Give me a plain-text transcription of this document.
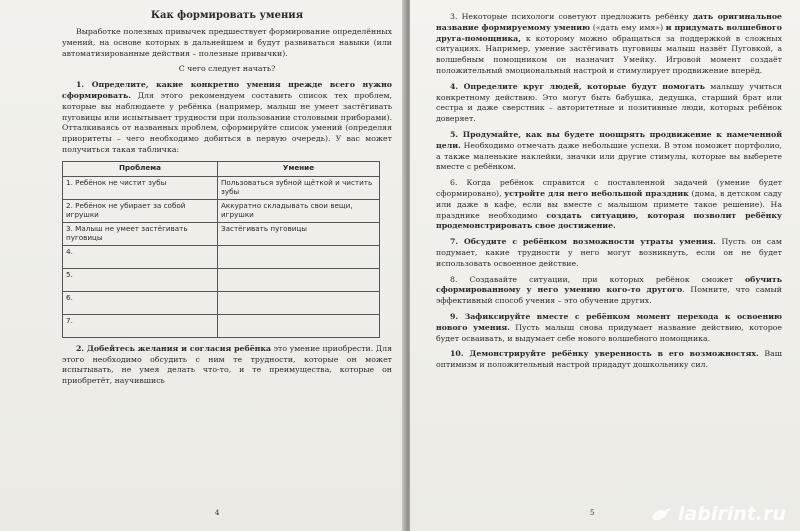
Как формировать умения

Выработке полезных привычек предшествует формирование определённых умений, на основе которых в дальнейшем и будут развиваться навыки (или автоматизированные действия – полезные привычки).

С чего следует начать?

1. Определите, какие конкретно умения прежде всего нужно сформировать. Для этого рекомендуем составить список тех проблем, которые вы наблюдаете у ребёнка (например, малыш не умеет застёгивать пуговицы или испытывает трудности при пользовании столовыми приборами). Отталкиваясь от названных проблем, сформируйте список умений (определяя приоритеты – чего необходимо добиться в первую очередь). У вас может получиться такая табличка:

Проблема	Умение
1. Ребёнок не чистит зубы	Пользоваться зубной щёткой и чистить зубы
2. Ребёнок не убирает за собой игрушки	Аккуратно складывать свои вещи, игрушки
3. Малыш не умеет застёгивать пуговицы	Застёгивать пуговицы
4.	
5.	
6.	
7.	

2. Добейтесь желания и согласия ребёнка это умение приобрести. Для этого необходимо обсудить с ним те трудности, которые он может испытывать, не умея делать что-то, и те преимущества, которые он приобретёт, научившись

4

3. Некоторые психологи советуют предложить ребёнку дать оригинальное название формируемому умению («дать ему имя») и придумать волшебного друга-помощника, к которому можно обращаться за поддержкой в сложных ситуациях. Например, умение застёгивать пуговицы малыш назвёт Пуговкой, а волшебным помощником он назначит Умейку. Игровой момент создаёт положительный эмоциональный настрой и стимулирует продвижение вперёд.

4. Определите круг людей, которые будут помогать малышу учиться конкретному действию. Это могут быть бабушка, дедушка, старший брат или сестра и даже сверстник – авторитетные и позитивные люди, которых ребёнок доверяет.

5. Продумайте, как вы будете поощрять продвижение к намеченной цели. Необходимо отмечать даже небольшие успехи. В этом поможет портфолио, а также маленькие наклейки, значки или другие стимулы, которые вы выберете вместе с ребёнком.

6. Когда ребёнок справится с поставленной задачей (умение будет сформировано), устройте для него небольшой праздник (дома, в детском саду или даже в кафе, если вы вместе с малышом примете такое решение). На празднике необходимо создать ситуацию, которая позволит ребёнку продемонстрировать свое достижение.

7. Обсудите с ребёнком возможности утраты умения. Пусть он сам подумает, какие трудности у него могут возникнуть, если он не будет использовать освоенное действие.

8. Создавайте ситуации, при которых ребёнок сможет обучить сформированному у него умению кого-то другого. Помните, что самый эффективный способ учения – это обучение других.

9. Зафиксируйте вместе с ребёнком момент перехода к освоению нового умения. Пусть малыш снова придумает название действию, которое будет осваивать, и выдумает себе нового волшебного помощника.

10. Демонстрируйте ребёнку уверенность в его возможностях. Ваш оптимизм и положительный настрой придадут дошкольнику сил.

5	labirint.ru
